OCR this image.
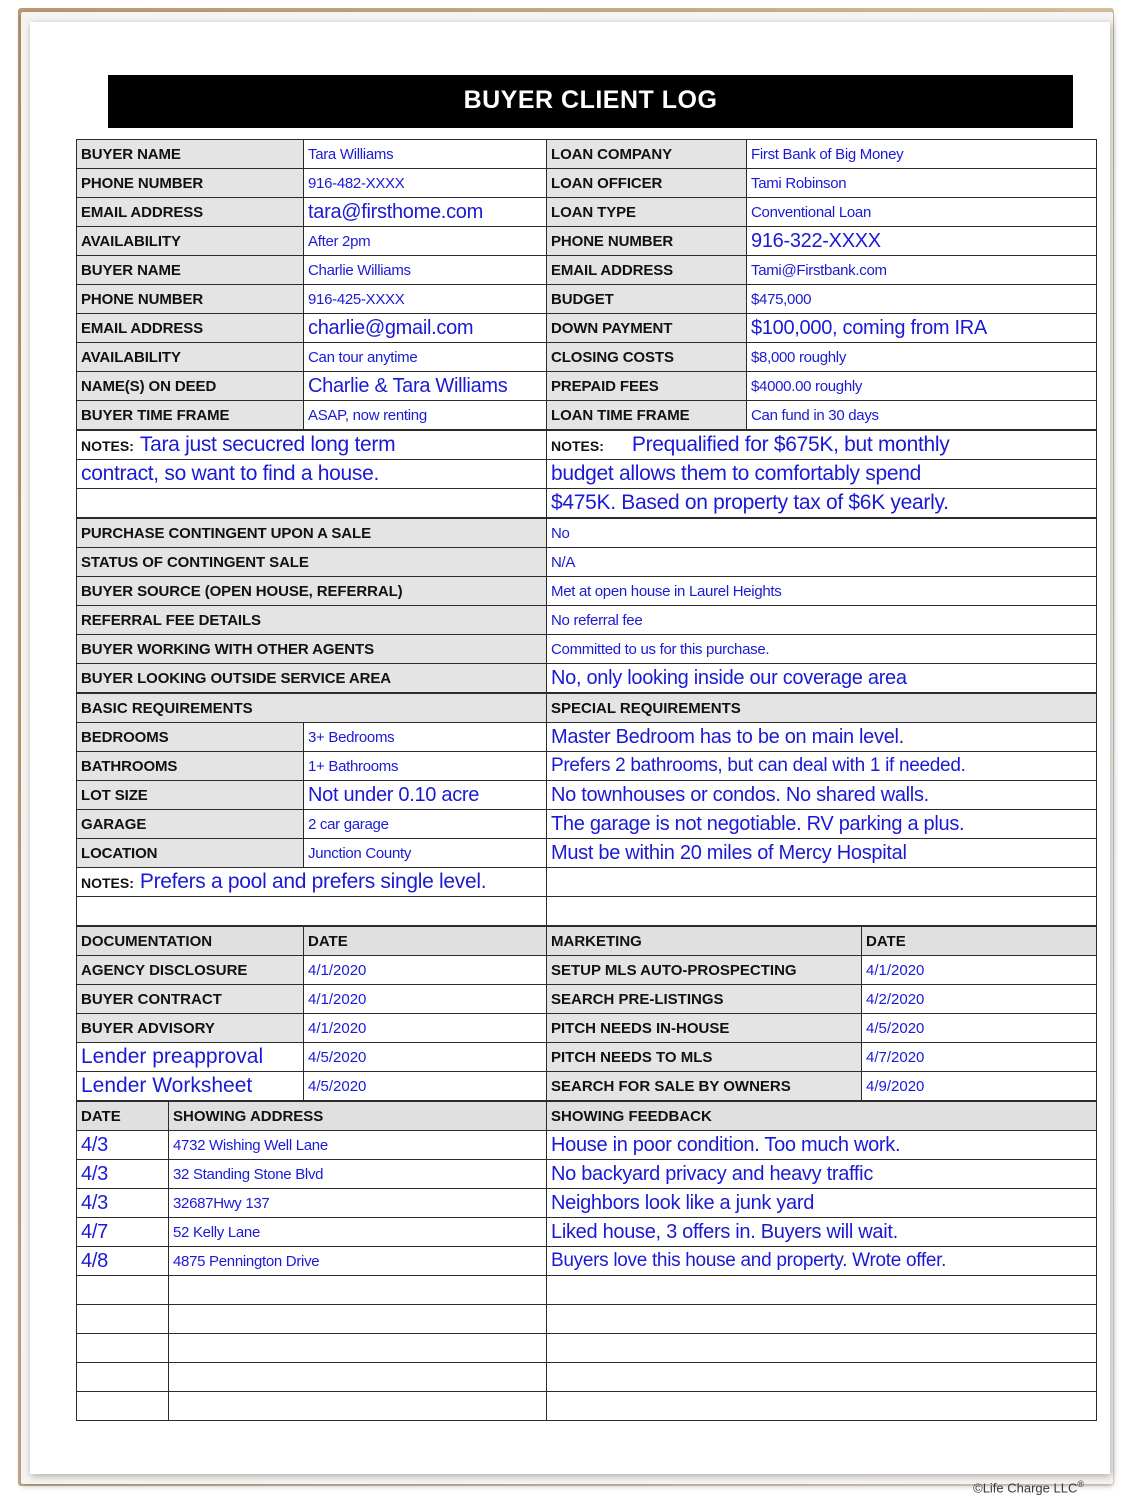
BUYER CLIENT LOG
BUYER NAME	Tara Williams	LOAN COMPANY	First Bank of Big Money
PHONE NUMBER	916-482-XXXX	LOAN OFFICER	Tami Robinson
EMAIL ADDRESS	tara@firsthome.com	LOAN TYPE	Conventional Loan
AVAILABILITY	After 2pm	PHONE NUMBER	916-322-XXXX
BUYER NAME	Charlie Williams	EMAIL ADDRESS	Tami@Firstbank.com
PHONE NUMBER	916-425-XXXX	BUDGET	$475,000
EMAIL ADDRESS	charlie@gmail.com	DOWN PAYMENT	$100,000, coming from IRA
AVAILABILITY	Can tour anytime	CLOSING COSTS	$8,000 roughly
NAME(S) ON DEED	Charlie & Tara Williams	PREPAID FEES	$4000.00 roughly
BUYER TIME FRAME	ASAP, now renting	LOAN TIME FRAME	Can fund in 30 days
NOTES: Tara just secucred long term	NOTES: Prequalified for $675K, but monthly
contract, so want to find a house.	budget allows them to comfortably spend
	$475K. Based on property tax of $6K yearly.
PURCHASE CONTINGENT UPON A SALE	No
STATUS OF CONTINGENT SALE	N/A
BUYER SOURCE (OPEN HOUSE, REFERRAL)	Met at open house in Laurel Heights
REFERRAL FEE DETAILS	No referral fee
BUYER WORKING WITH OTHER AGENTS	Committed to us for this purchase.
BUYER LOOKING OUTSIDE SERVICE AREA	No, only looking inside our coverage area
BASIC REQUIREMENTS		SPECIAL REQUIREMENTS
BEDROOMS	3+ Bedrooms	Master Bedroom has to be on main level.
BATHROOMS	1+ Bathrooms	Prefers 2 bathrooms, but can deal with 1 if needed.
LOT SIZE	Not under 0.10 acre	No townhouses or condos. No shared walls.
GARAGE	2 car garage	The garage is not negotiable. RV parking a plus.
LOCATION	Junction County	Must be within 20 miles of Mercy Hospital
NOTES: Prefers a pool and prefers single level.		

DOCUMENTATION	DATE	MARKETING	DATE
AGENCY DISCLOSURE	4/1/2020	SETUP MLS AUTO-PROSPECTING	4/1/2020
BUYER CONTRACT	4/1/2020	SEARCH PRE-LISTINGS	4/2/2020
BUYER ADVISORY	4/1/2020	PITCH NEEDS IN-HOUSE	4/5/2020
Lender preapproval	4/5/2020	PITCH NEEDS TO MLS	4/7/2020
Lender Worksheet	4/5/2020	SEARCH FOR SALE BY OWNERS	4/9/2020
DATE	SHOWING ADDRESS	SHOWING FEEDBACK
4/3	4732 Wishing Well Lane	House in poor condition. Too much work.
4/3	32 Standing Stone Blvd	No backyard privacy and heavy traffic
4/3	32687Hwy 137	Neighbors look like a junk yard
4/7	52 Kelly Lane	Liked house, 3 offers in. Buyers will wait.
4/8	4875 Pennington Drive	Buyers love this house and property. Wrote offer.

©Life Charge LLC®
